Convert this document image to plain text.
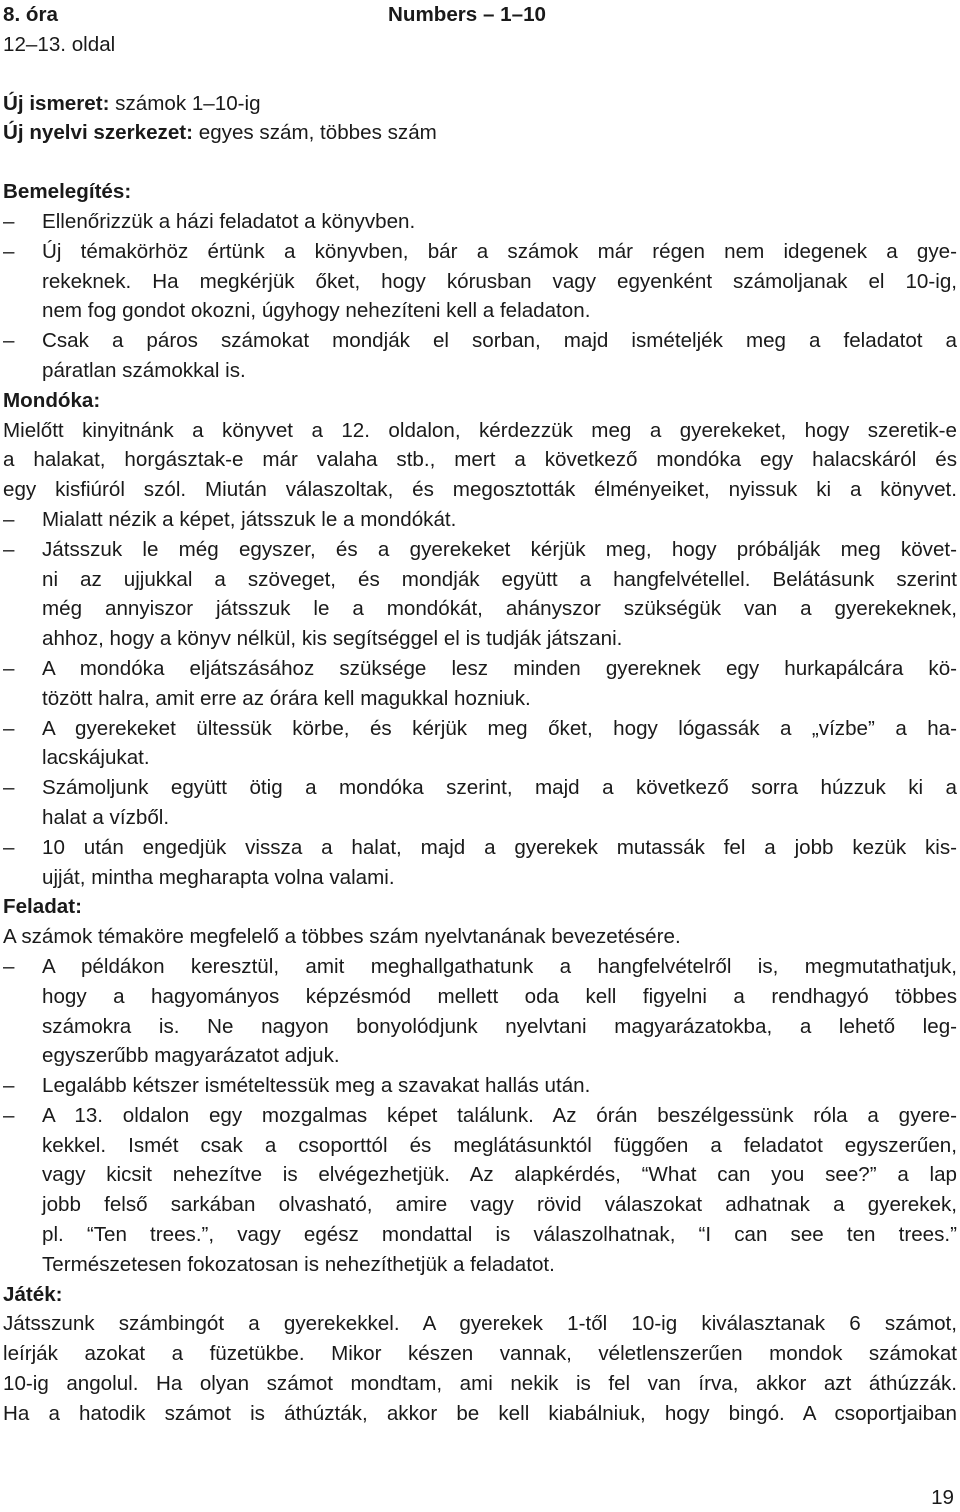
8. óra	Numbers – 1–10
12–13. oldal
Új ismeret: számok 1–10-ig
Új nyelvi szerkezet: egyes szám, többes szám
Bemelegítés:
– Ellenőrizzük a házi feladatot a könyvben.
– Új témakörhöz értünk a könyvben, bár a számok már régen nem idegenek a gye-
rekeknek. Ha megkérjük őket, hogy kórusban vagy egyenként számoljanak el 10-ig,
nem fog gondot okozni, úgyhogy nehezíteni kell a feladaton.
– Csak a páros számokat mondják el sorban, majd ismételjék meg a feladatot a
páratlan számokkal is.
Mondóka:
Mielőtt kinyitnánk a könyvet a 12. oldalon, kérdezzük meg a gyerekeket, hogy szeretik-e
a halakat, horgásztak-e már valaha stb., mert a következő mondóka egy halacskáról és
egy kisfiúról szól. Miután válaszoltak, és megosztották élményeiket, nyissuk ki a könyvet.
– Mialatt nézik a képet, játsszuk le a mondókát.
– Játsszuk le még egyszer, és a gyerekeket kérjük meg, hogy próbálják meg követ-
ni az ujjukkal a szöveget, és mondják együtt a hangfelvétellel. Belátásunk szerint
még annyiszor játsszuk le a mondókát, ahányszor szükségük van a gyerekeknek,
ahhoz, hogy a könyv nélkül, kis segítséggel el is tudják játszani.
– A mondóka eljátszásához szüksége lesz minden gyereknek egy hurkapálcára kö-
tözött halra, amit erre az órára kell magukkal hozniuk.
– A gyerekeket ültessük körbe, és kérjük meg őket, hogy lógassák a „vízbe” a ha-
lacskájukat.
– Számoljunk együtt ötig a mondóka szerint, majd a következő sorra húzzuk ki a
halat a vízből.
– 10 után engedjük vissza a halat, majd a gyerekek mutassák fel a jobb kezük kis-
ujját, mintha megharapta volna valami.
Feladat:
A számok témaköre megfelelő a többes szám nyelvtanának bevezetésére.
– A példákon keresztül, amit meghallgathatunk a hangfelvételről is, megmutathatjuk,
hogy a hagyományos képzésmód mellett oda kell figyelni a rendhagyó többes
számokra is. Ne nagyon bonyolódjunk nyelvtani magyarázatokba, a lehető leg-
egyszerűbb magyarázatot adjuk.
– Legalább kétszer ismételtessük meg a szavakat hallás után.
– A 13. oldalon egy mozgalmas képet találunk. Az órán beszélgessünk róla a gyere-
kekkel. Ismét csak a csoporttól és meglátásunktól függően a feladatot egyszerűen,
vagy kicsit nehezítve is elvégezhetjük. Az alapkérdés, “What can you see?” a lap
jobb felső sarkában olvasható, amire vagy rövid válaszokat adhatnak a gyerekek,
pl. “Ten trees.”, vagy egész mondattal is válaszolhatnak, “I can see ten trees.”
Természetesen fokozatosan is nehezíthetjük a feladatot.
Játék:
Játsszunk számbingót a gyerekekkel. A gyerekek 1-től 10-ig kiválasztanak 6 számot,
leírják azokat a füzetükbe. Mikor készen vannak, véletlenszerűen mondok számokat
10-ig angolul. Ha olyan számot mondtam, ami nekik is fel van írva, akkor azt áthúzzák.
Ha a hatodik számot is áthúzták, akkor be kell kiabálniuk, hogy bingó. A csoportjaiban
19
